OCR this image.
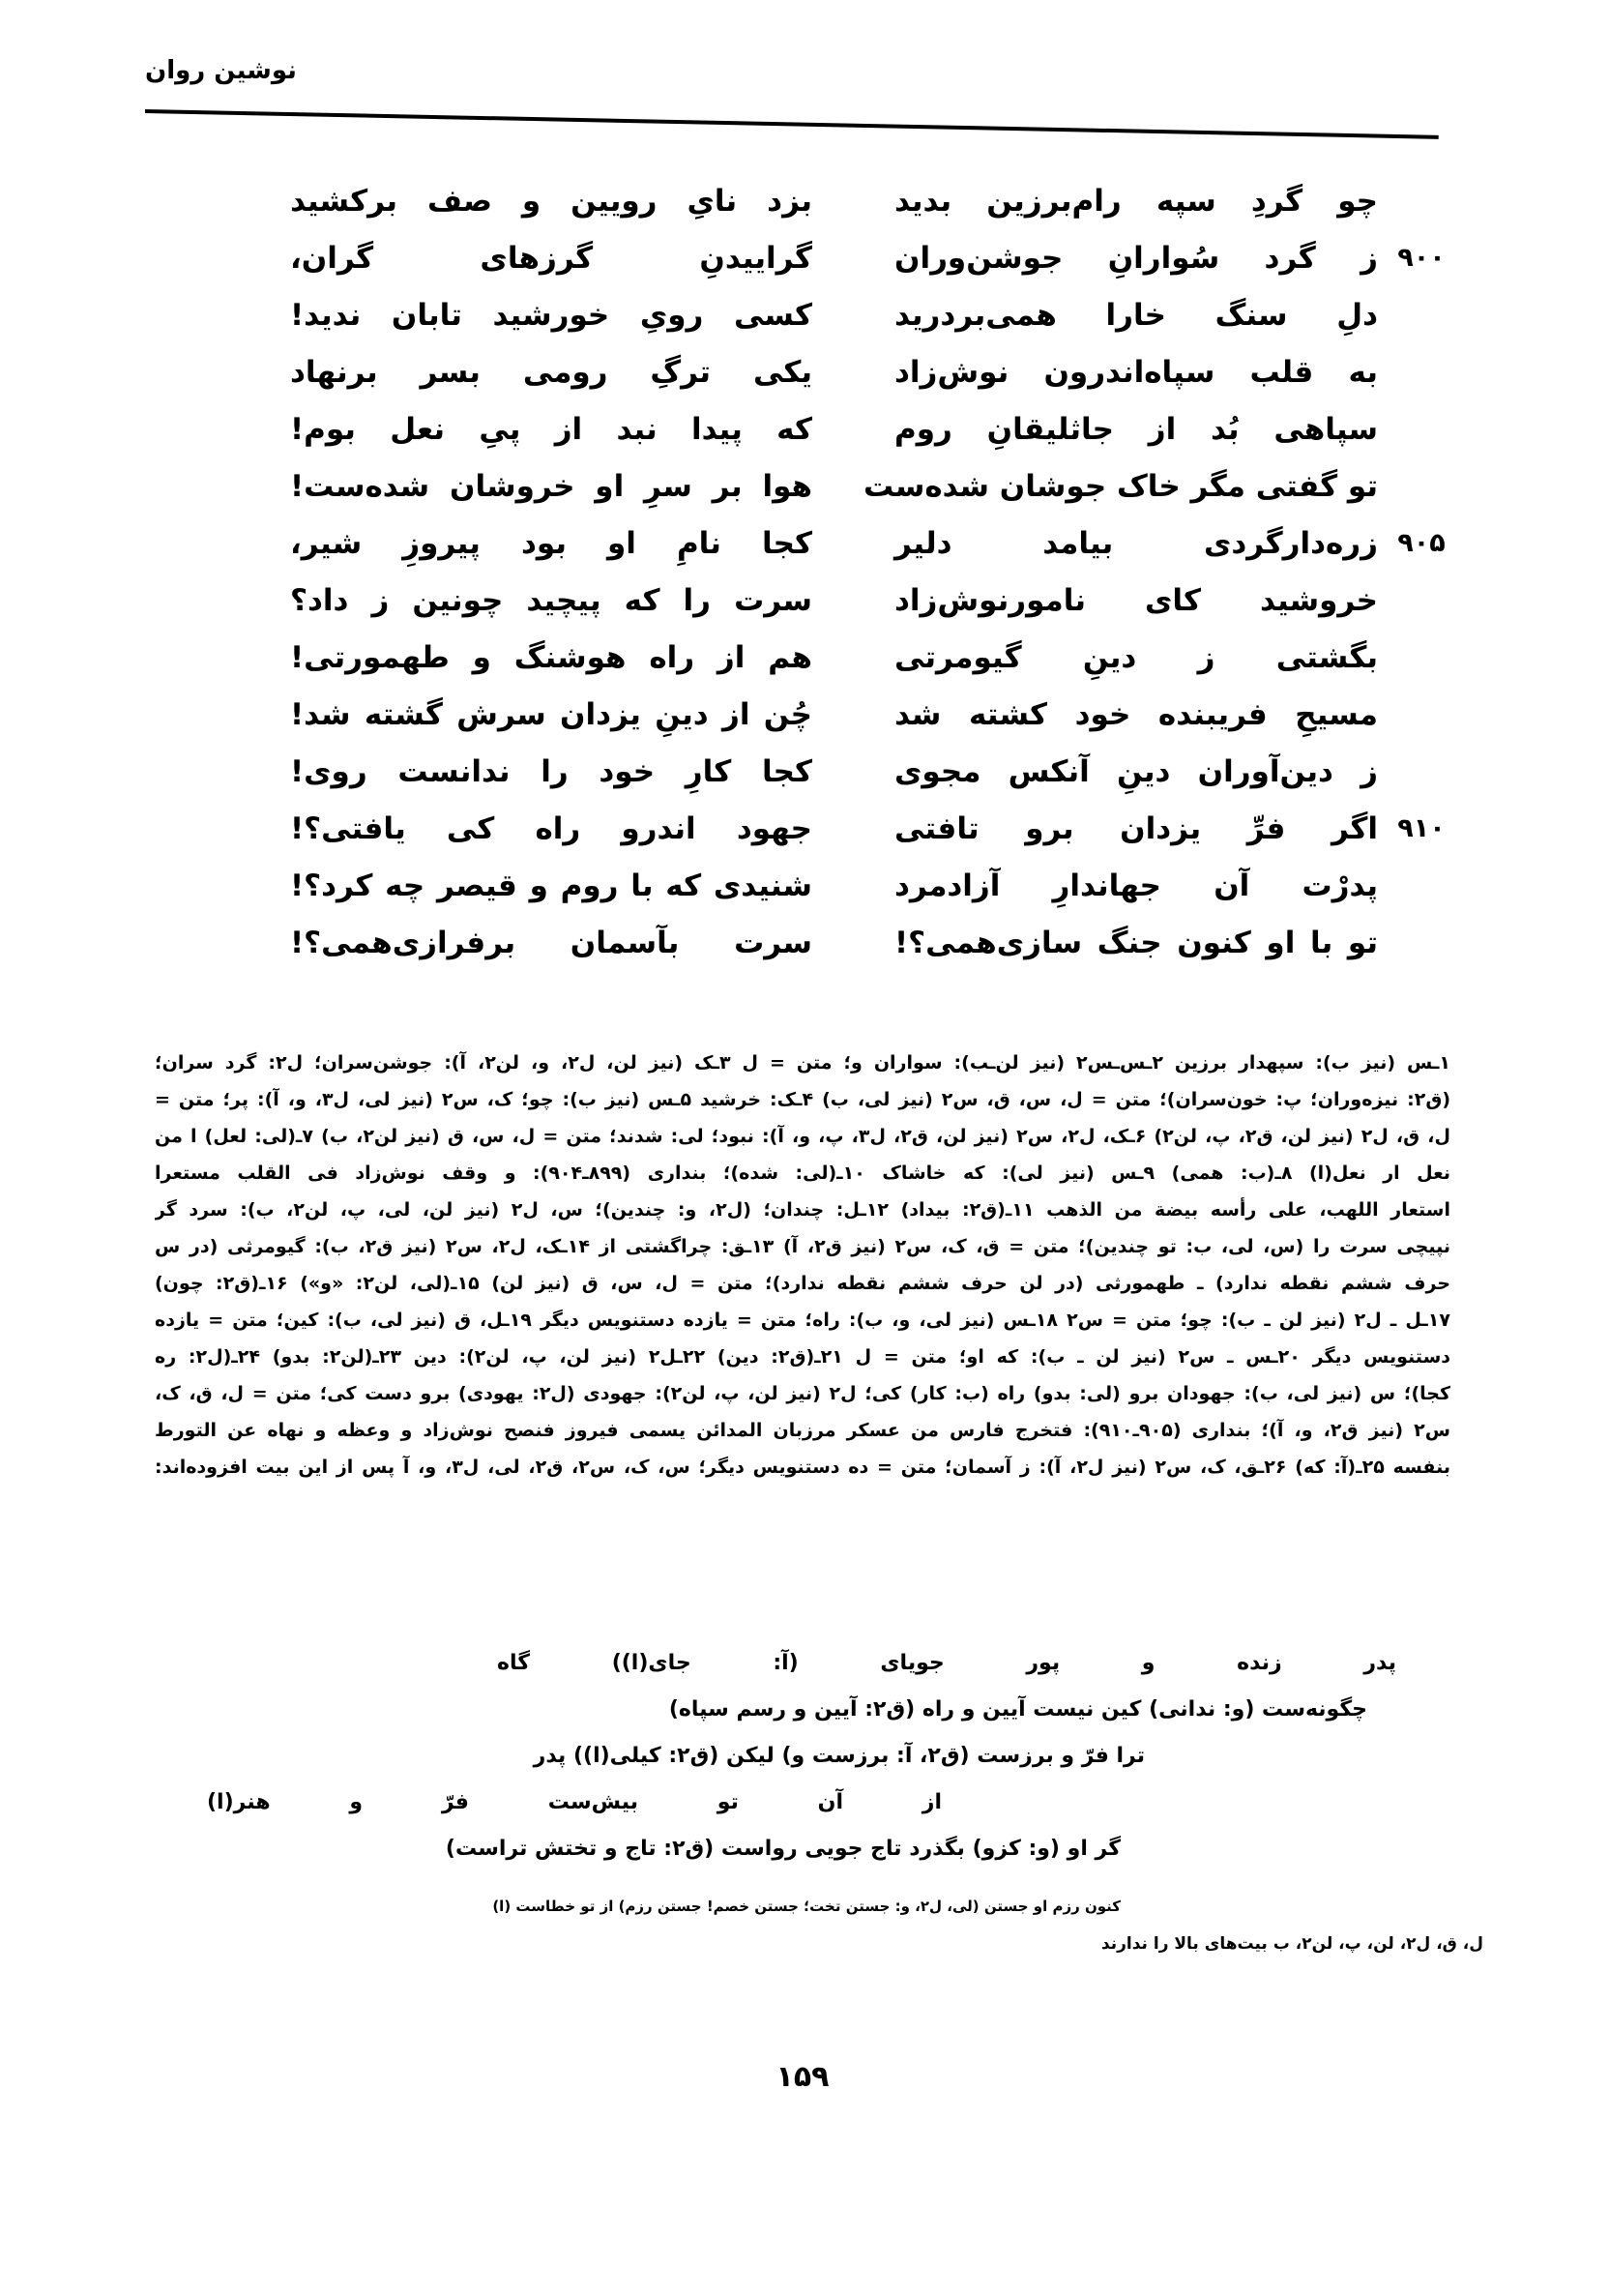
نوشین روان
چو گردِ سپه رام‌برزین بدید
بزد نایِ رویین و صف برکشید
۹۰۰
ز گرد سُوارانِ جوشن‌وران
گراییدنِ گرزهای گران،
دلِ سنگ خارا همی‌بردرید
کسی رویِ خورشید تابان ندید!
به قلب سپاه‌اندرون نوش‌زاد
یکی ترگِ رومی بسر برنهاد
سپاهی بُد از جاثلیقانِ روم
که پیدا نبد از پیِ نعل بوم!
تو گفتی مگر خاک جوشان شده‌ست
هوا بر سرِ او خروشان شده‌ست!
۹۰۵
زره‌دارگردی بیامد دلیر
کجا نامِ او بود پیروزِ شیر،
خروشید کای نامورنوش‌زاد
سرت را که پیچید چونین ز داد؟
بگشتی ز دینِ گیومرتی
هم از راه هوشنگ و طهمورتی!
مسیحِ فریبنده خود کشته شد
چُن از دینِ یزدان سرش گشته شد!
ز دین‌آوران دینِ آنکس مجوی
کجا کارِ خود را ندانست روی!
۹۱۰
اگر فرِّ یزدان برو تافتی
جهود اندرو راه کی یافتی؟!
پدرْت آن جهاندارِ آزادمرد
شنیدی که با روم و قیصر چه کرد؟!
تو با او کنون جنگ سازی‌همی؟!
سرت بآسمان برفرازی‌همی؟!
۱ـس (نیز ب): سپهدار برزین ۲ـس‌ـس۲ (نیز لن‌ـب): سواران و؛ متن = ل ۳ـک (نیز لن، ل۲، و، لن۲، آ): جوشن‌سران؛ ل۲: گرد سران؛
(ق۲: نیزه‌وران؛ پ: خون‌سران)؛ متن = ل، س، ق، س۲ (نیز لی، ب) ۴ـک: خرشید ۵ـس (نیز ب): چو؛ ک، س۲ (نیز لی، ل۳، و، آ): پر؛ متن =
ل، ق، ل۲ (نیز لن، ق۲، پ، لن۲) ۶ـک، ل۲، س۲ (نیز لن، ق۲، ل۳، پ، و، آ): نبود؛ لی: شدند؛ متن = ل، س، ق (نیز لن۲، ب) ۷ـ(لی: لعل) ا من
نعل ار نعل(ا) ۸ـ(ب: همی) ۹ـس (نیز لی): که خاشاک ۱۰ـ(لی: شده)؛ بنداری (۸۹۹ـ۹۰۴): و وقف نوش‌زاد فی القلب مستعرا
استعار اللهب، علی رأسه بیضة من الذهب ۱۱ـ(ق۲: بیداد) ۱۲ـل: چندان؛ (ل۲، و: چندین)؛ س، ل۲ (نیز لن، لی، پ، لن۲، ب): سرد گر
نپیچی سرت را (س، لی، ب: تو چندین)؛ متن = ق، ک، س۲ (نیز ق۲، آ) ۱۳ـق: چراگشتی از ۱۴ـک، ل۲، س۲ (نیز ق۲، ب): گیومرثی (در س
حرف ششم نقطه ندارد) ـ طهمورثی (در لن حرف ششم نقطه ندارد)؛ متن = ل، س، ق (نیز لن) ۱۵ـ(لی، لن۲: «و») ۱۶ـ(ق۲: چون)
۱۷ـل ـ ل۲ (نیز لن ـ ب): چو؛ متن = س۲ ۱۸ـس (نیز لی، و، ب): راه؛ متن = یازده دستنویس دیگر ۱۹ـل، ق (نیز لی، ب): کین؛ متن = یازده
دستنویس دیگر ۲۰ـس ـ س۲ (نیز لن ـ ب): که او؛ متن = ل ۲۱ـ(ق۲: دین) ۲۲ـل۲ (نیز لن، پ، لن۲): دین ۲۳ـ(لن۲: بدو) ۲۴ـ(ل۲: ره
کجا)؛ س (نیز لی، ب): جهودان برو (لی: بدو) راه (ب: کار) کی؛ ل۲ (نیز لن، پ، لن۲): جهودی (ل۲: یهودی) برو دست کی؛ متن = ل، ق، ک،
س۲ (نیز ق۲، و، آ)؛ بنداری (۹۰۵ـ۹۱۰): فتخرج فارس من عسکر مرزبان المدائن یسمی فیروز فنصح نوش‌زاد و وعظه و نهاه عن التورط
بنفسه ۲۵ـ(آ: که) ۲۶ـق، ک، س۲ (نیز ل۲، آ): ز آسمان؛ متن = ده دستنویس دیگر؛ س، ک، س۲، ق۲، لی، ل۳، و، آ پس از این بیت افزوده‌اند:
پدر زنده و پور جویای (آ: جای(ا)) گاه
چگونه‌ست (و: ندانی) کین نیست آیین و راه (ق۲: آیین و رسم سپاه)
ترا فرّ و برزست (ق۲، آ: برزست و) لیکن (ق۲: کیلی(ا)) پدر
از آن تو بیش‌ست فرّ و هنر(ا)
گر او (و: کزو) بگذرد تاج جویی رواست (ق۲: تاج و تختش تراست)
کنون رزم او جستن (لی، ل۲، و: جستن تخت؛ جستن خصم! جستن رزم) از تو خطاست (ا)
ل، ق، ل۲، لن، پ، لن۲، ب بیت‌های بالا را ندارند
۱۵۹
